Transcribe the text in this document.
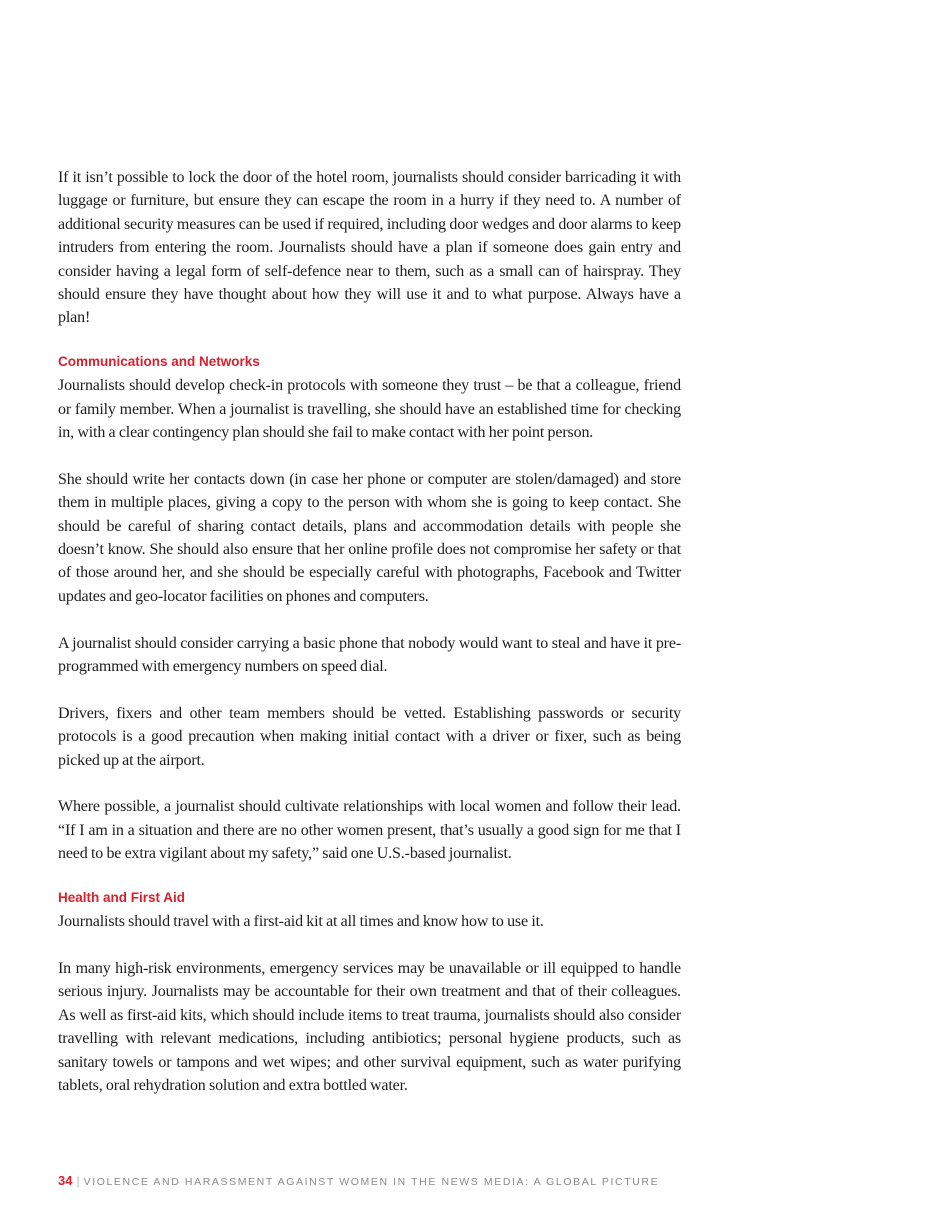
If it isn’t possible to lock the door of the hotel room, journalists should consider barricading it with luggage or furniture, but ensure they can escape the room in a hurry if they need to. A number of additional security measures can be used if required, including door wedges and door alarms to keep intruders from entering the room. Journalists should have a plan if someone does gain entry and consider having a legal form of self-defence near to them, such as a small can of hairspray. They should ensure they have thought about how they will use it and to what purpose. Always have a plan!

Communications and Networks

Journalists should develop check-in protocols with someone they trust – be that a colleague, friend or family member. When a journalist is travelling, she should have an established time for checking in, with a clear contingency plan should she fail to make contact with her point person.

She should write her contacts down (in case her phone or computer are stolen/damaged) and store them in multiple places, giving a copy to the person with whom she is going to keep contact. She should be careful of sharing contact details, plans and accommodation details with people she doesn’t know. She should also ensure that her online profile does not compromise her safety or that of those around her, and she should be especially careful with photographs, Facebook and Twitter updates and geo-locator facilities on phones and computers.

A journalist should consider carrying a basic phone that nobody would want to steal and have it pre-programmed with emergency numbers on speed dial.

Drivers, fixers and other team members should be vetted. Establishing passwords or security protocols is a good precaution when making initial contact with a driver or fixer, such as being picked up at the airport.

Where possible, a journalist should cultivate relationships with local women and follow their lead. “If I am in a situation and there are no other women present, that’s usually a good sign for me that I need to be extra vigilant about my safety,” said one U.S.-based journalist.

Health and First Aid

Journalists should travel with a first-aid kit at all times and know how to use it.

In many high-risk environments, emergency services may be unavailable or ill equipped to handle serious injury. Journalists may be accountable for their own treatment and that of their colleagues. As well as first-aid kits, which should include items to treat trauma, journalists should also consider travelling with relevant medications, including antibiotics; personal hygiene products, such as sanitary towels or tampons and wet wipes; and other survival equipment, such as water purifying tablets, oral rehydration solution and extra bottled water.

34 | VIOLENCE AND HARASSMENT AGAINST WOMEN IN THE NEWS MEDIA: A GLOBAL PICTURE
